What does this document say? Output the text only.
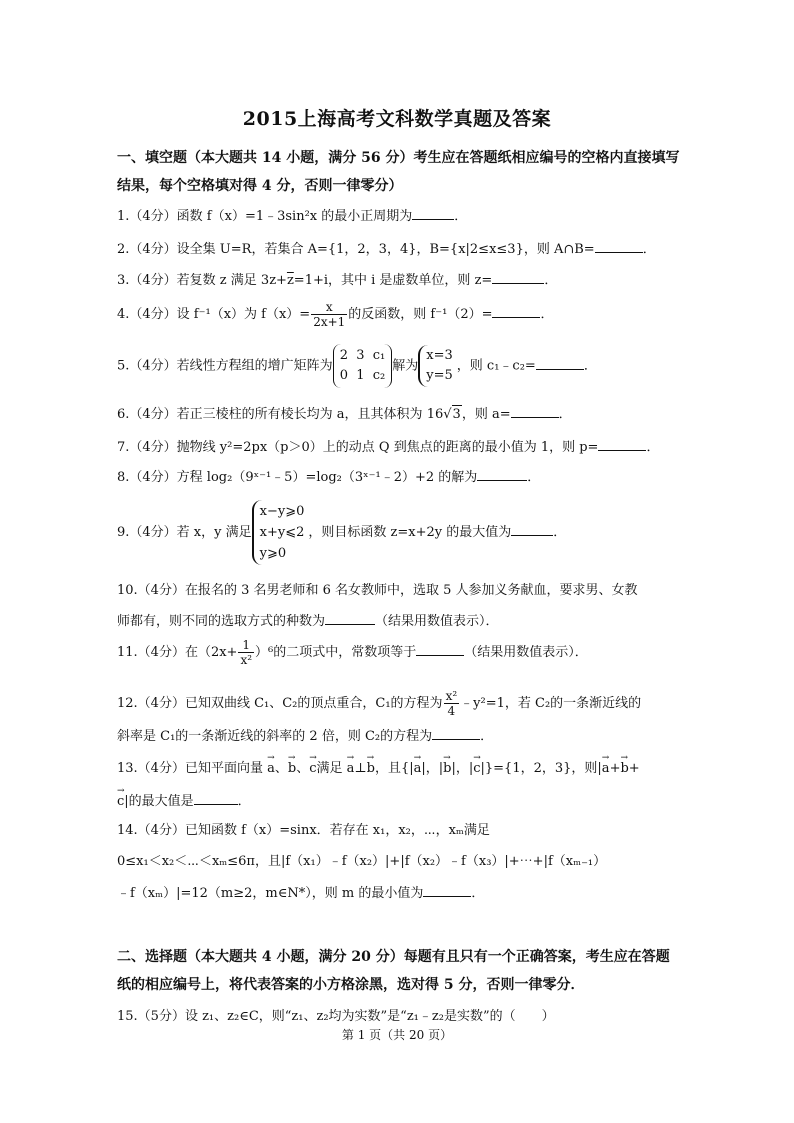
2015上海高考文科数学真题及答案
一、填空题（本大题共 14 小题，满分 56 分）考生应在答题纸相应编号的空格内直接填写结果，每个空格填对得 4 分，否则一律零分）
1.（4分）函数 f（x）=1﹣3sin²x 的最小正周期为	．
2.（4分）设全集 U=R，若集合 A={1，2，3，4}，B={x|2≤x≤3}，则 A∩B=	．
3.（4分）若复数 z 满足 $3z+\overline{z}=1+i$，其中 i 是虚数单位，则 z=	．
4.（4分）设 f⁻¹（x）为 $f(x)= \frac{x}{2x+1}$ 的反函数，则 f⁻¹（2）=	．
5.（4分）若线性方程组的增广矩阵为
2  3  c₁
0  1  c₂
解为
x=3
y=5
，则 c₁﹣c₂=	．
6.（4分）若正三棱柱的所有棱长均为 a，且其体积为 16√3，则 a=	．
7.（4分）抛物线 y²=2px（p＞0）上的动点 Q 到焦点的距离的最小值为 1，则 p=	．
8.（4分）方程 log₂（9ˣ⁻¹﹣5）=log₂（3ˣ⁻¹﹣2）+2 的解为	．
9.（4分）若 x，y 满足
x−y⩾0
x+y⩽2
y⩾0
，则目标函数 z=x+2y 的最大值为	．
10.（4分）在报名的 3 名男老师和 6 名女教师中，选取 5 人参加义务献血，要求男、女教
师都有，则不同的选取方式的种数为	（结果用数值表示）．
11.（4分）在$(2x+ \frac{1}{\text{x²}} )^6$的二项式中，常数项等于	（结果用数值表示）．
12.（4分）已知双曲线 C₁、C₂的顶点重合，C₁的方程为 $\frac{\text{x²}}{4}$ ﹣y²=1，若 C₂的一条渐近线的
斜率是 C₁的一条渐近线的斜率的 2 倍，则 C₂的方程为	．
13.（4分）已知平面向量 → a、→ b、→ c满足 → a⊥→ b，且{|→ a|，|→ b|，|→ c|}={1，2，3}，则|→ a+→ b+
→ c|的最大值是	．
14.（4分）已知函数 f（x）=sinx．若存在 x₁，x₂，⋯，xₘ满足
0≤x₁＜x₂＜⋯＜xₘ≤6π，且|f（x₁）﹣f（x₂）|+|f（x₂）﹣f（x₃）|+⋯+|f（xₘ₋₁）
﹣f（xₘ）|=12（m≥2，m∈N*），则 m 的最小值为	．
二、选择题（本大题共 4 小题，满分 20 分）每题有且只有一个正确答案，考生应在答题纸的相应编号上，将代表答案的小方格涂黑，选对得 5 分，否则一律零分．
15.（5分）设 z₁、z₂∈C，则“z₁、z₂均为实数”是“z₁﹣z₂是实数”的（　　）
第 1 页（共 20 页）
